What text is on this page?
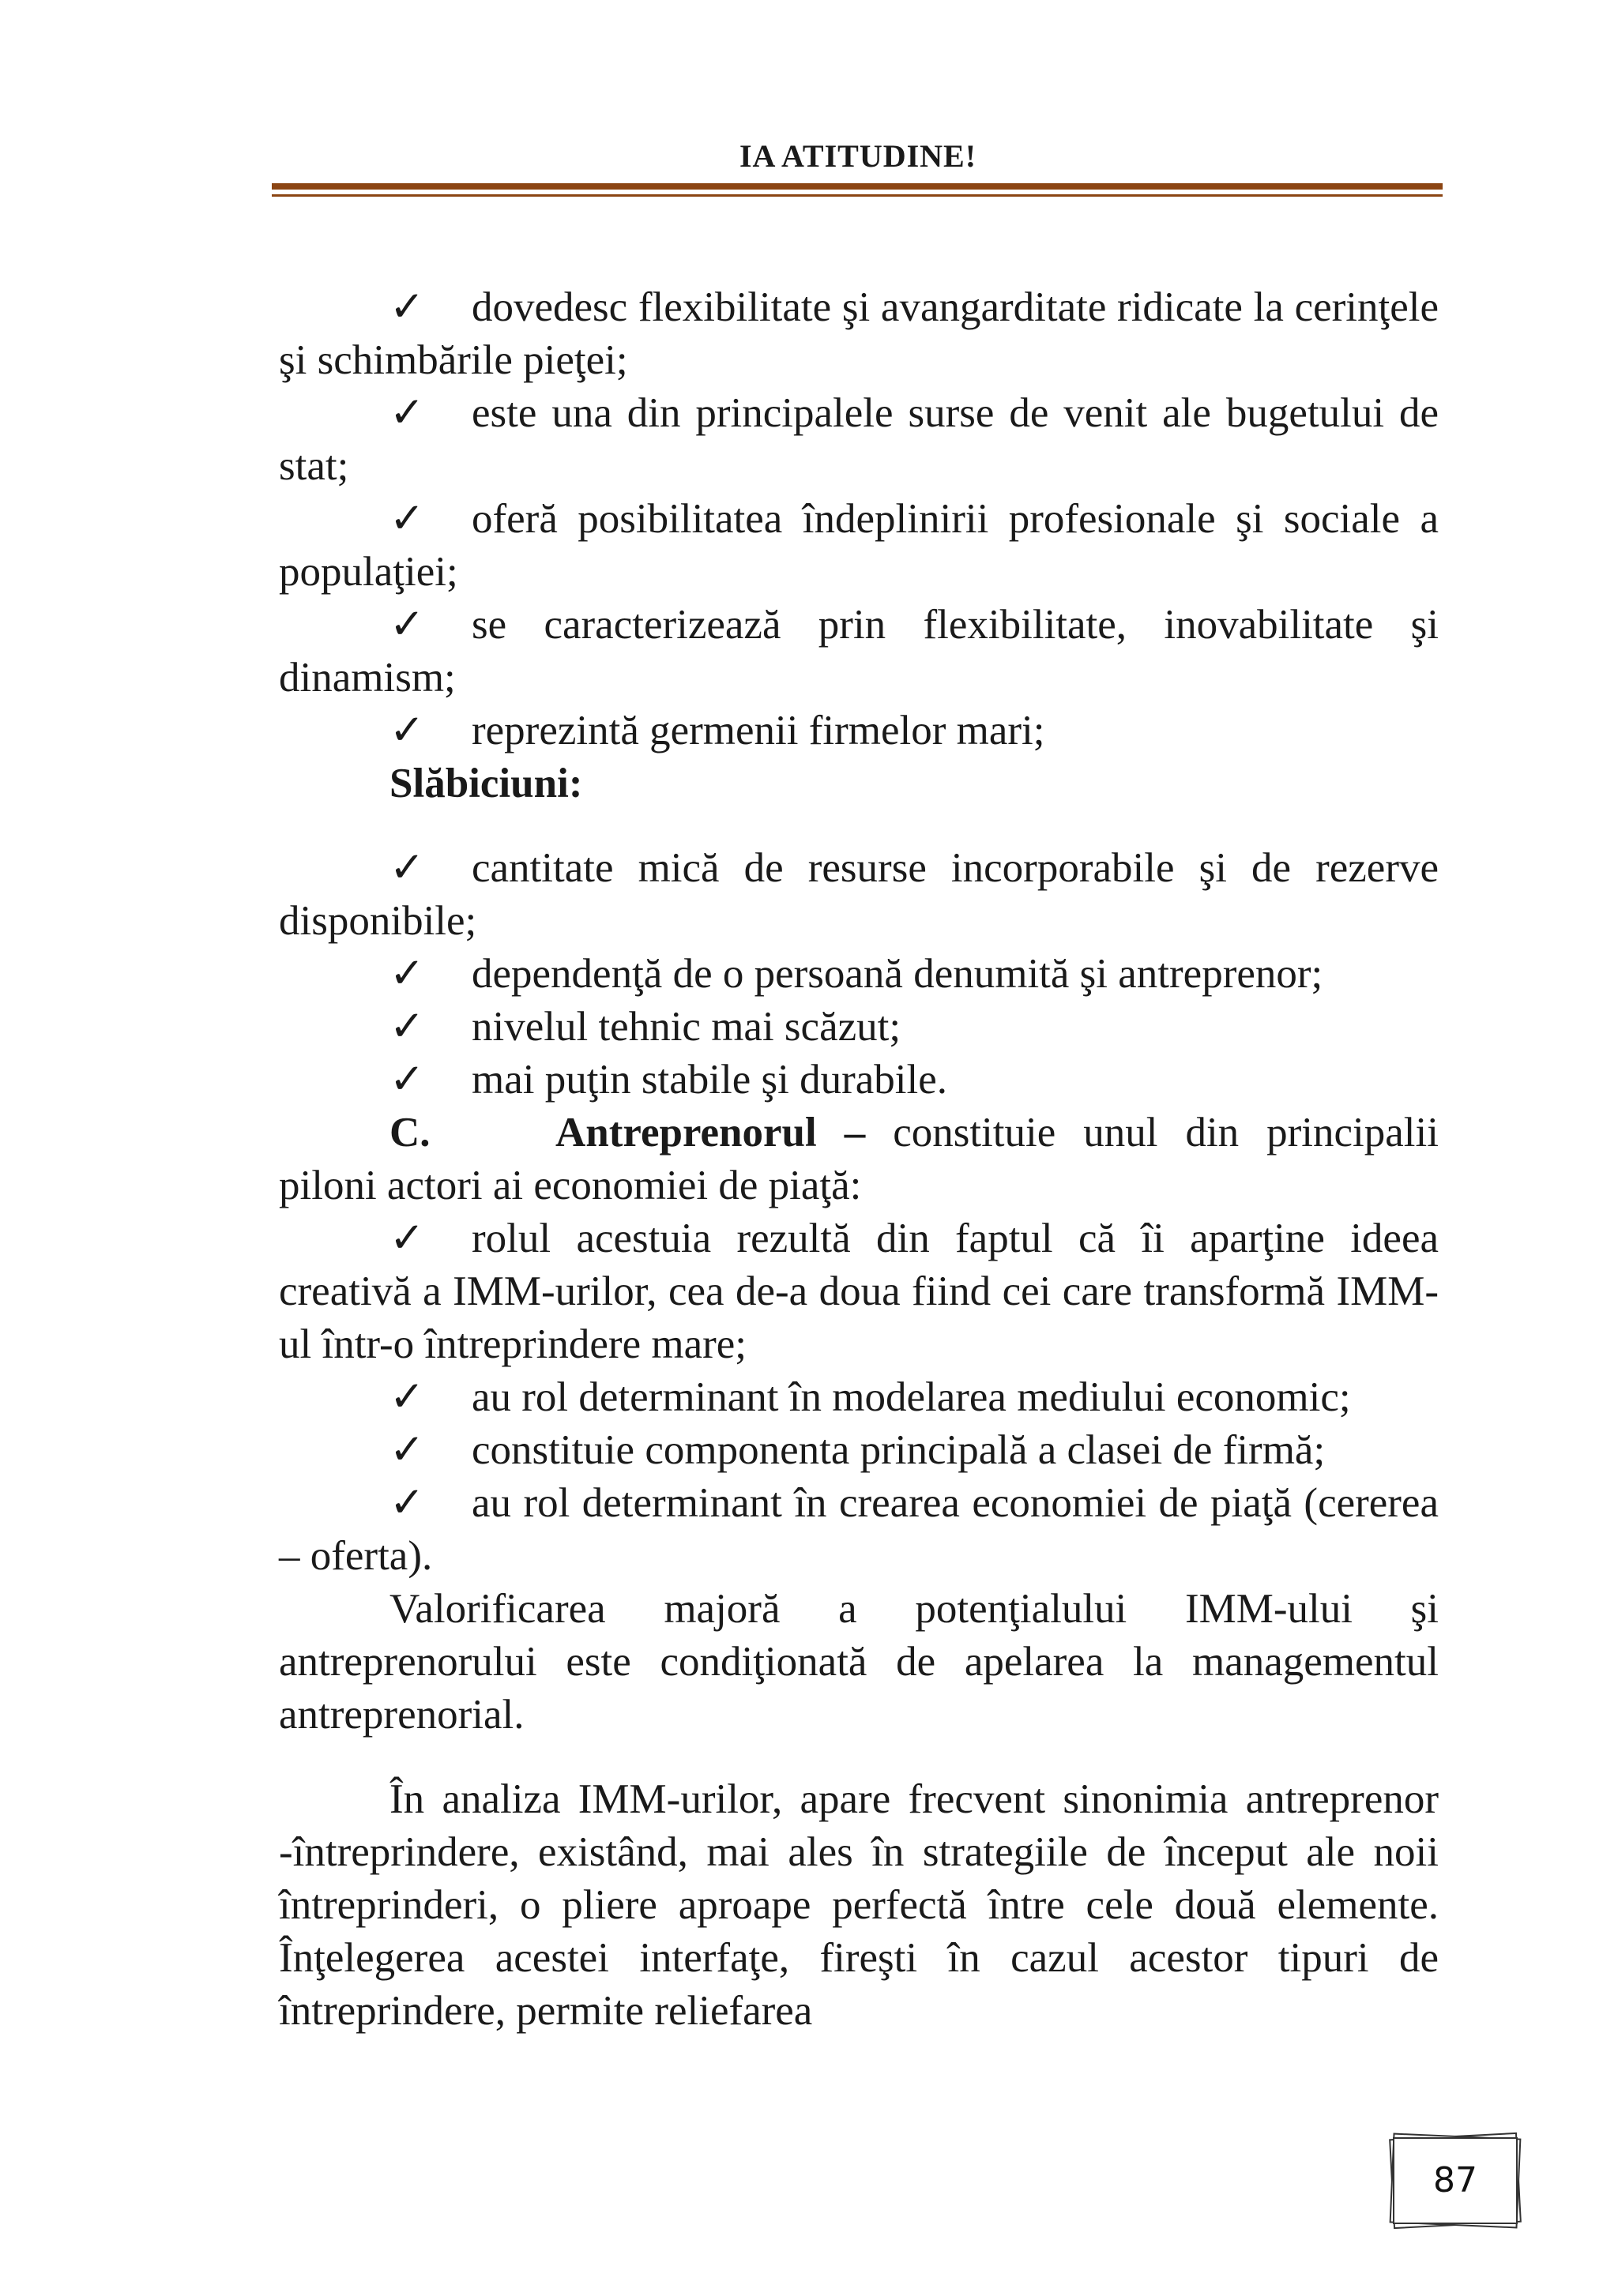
IA ATITUDINE!

✓ dovedesc flexibilitate şi avangarditate ridicate la cerinţele şi schimbările pieţei;

✓ este una din principalele surse de venit ale bugetului de stat;

✓ oferă posibilitatea îndeplinirii profesionale şi sociale a populaţiei;

✓ se caracterizează prin flexibilitate, inovabilitate şi dinamism;

✓ reprezintă germenii firmelor mari;

Slăbiciuni:

✓ cantitate mică de resurse incorporabile şi de rezerve disponibile;

✓ dependenţă de o persoană denumită şi antreprenor;

✓ nivelul tehnic mai scăzut;

✓ mai puţin stabile şi durabile.

C.	Antreprenorul – constituie unul din principalii piloni actori ai economiei de piaţă:

✓ rolul acestuia rezultă din faptul că îi aparţine ideea creativă a IMM-urilor, cea de-a doua fiind cei care transformă IMM-ul într-o întreprindere mare;

✓ au rol determinant în modelarea mediului economic;

✓ constituie componenta principală a clasei de firmă;

✓ au rol determinant în crearea economiei de piaţă (cererea – oferta).

Valorificarea majoră a potenţialului IMM-ului şi antreprenorului este condiţionată de apelarea la managementul antreprenorial.

În analiza IMM-urilor, apare frecvent sinonimia antreprenor -întreprindere, existând, mai ales în strategiile de început ale noii întreprinderi, o pliere aproape perfectă între cele două elemente. Înţelegerea acestei interfaţe, fireşti în cazul acestor tipuri de întreprindere, permite reliefarea

87
